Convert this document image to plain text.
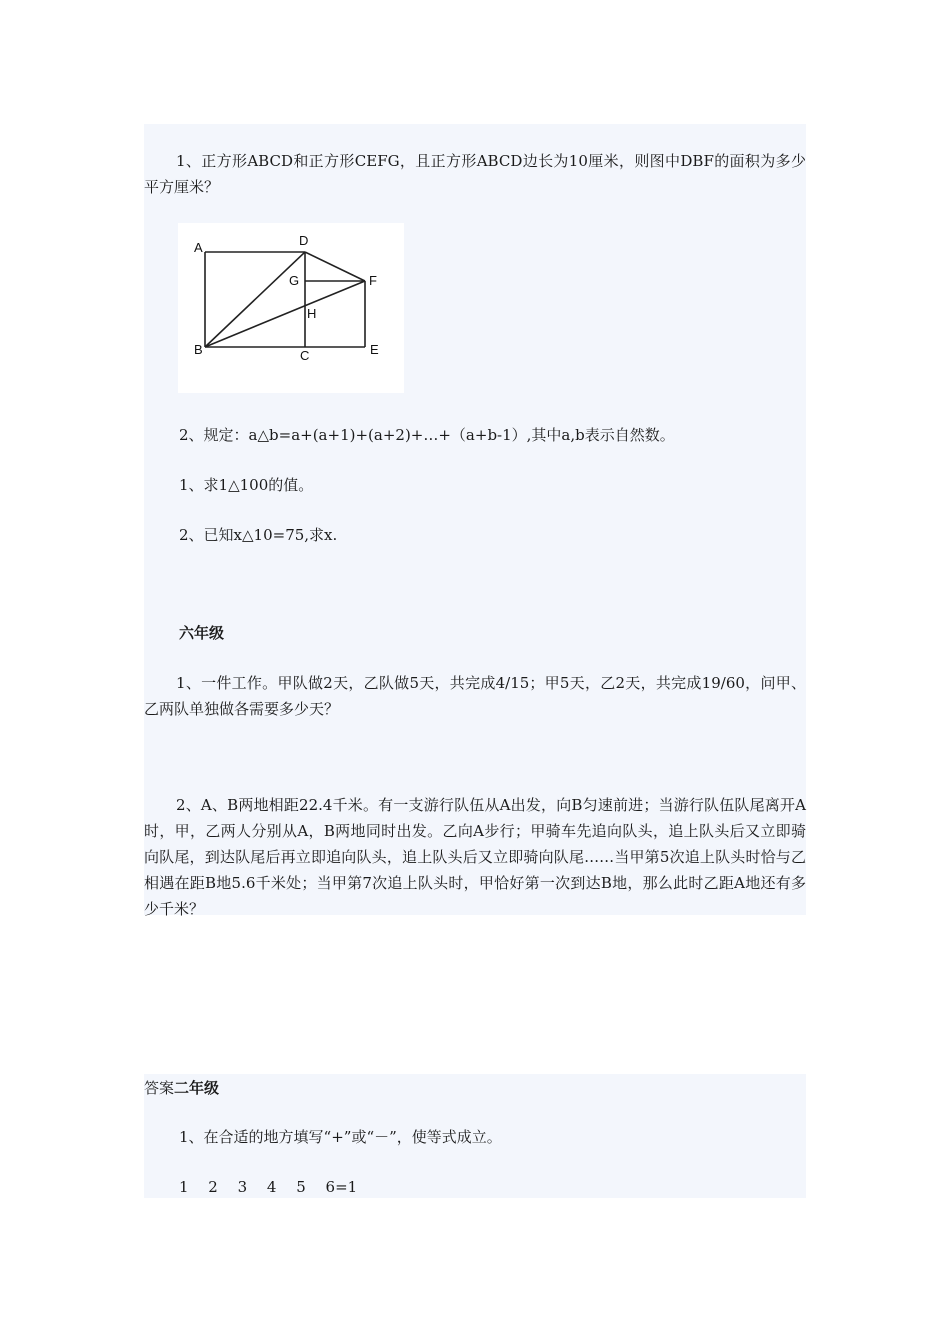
1、正方形ABCD和正方形CEFG，且正方形ABCD边长为10厘米，则图中DBF的面积为多少平方厘米？
A	D
G	F
H
B	C	E
2、规定：a△b=a+(a+1)+(a+2)+…+（a+b-1）,其中a,b表示自然数。
1、求1△100的值。
2、已知x△10=75,求x.
六年级
1、一件工作。甲队做2天，乙队做5天，共完成4/15；甲5天，乙2天，共完成19/60，问甲、乙两队单独做各需要多少天？
2、A、B两地相距22.4千米。有一支游行队伍从A出发，向B匀速前进；当游行队伍队尾离开A时，甲，乙两人分别从A，B两地同时出发。乙向A步行；甲骑车先追向队头，追上队头后又立即骑向队尾，到达队尾后再立即追向队头，追上队头后又立即骑向队尾……当甲第5次追上队头时恰与乙相遇在距B地5.6千米处；当甲第7次追上队头时，甲恰好第一次到达B地，那么此时乙距A地还有多少千米？
答案二年级
1、在合适的地方填写“+”或“－”，使等式成立。
1　 2　 3　 4　 5　 6=1
